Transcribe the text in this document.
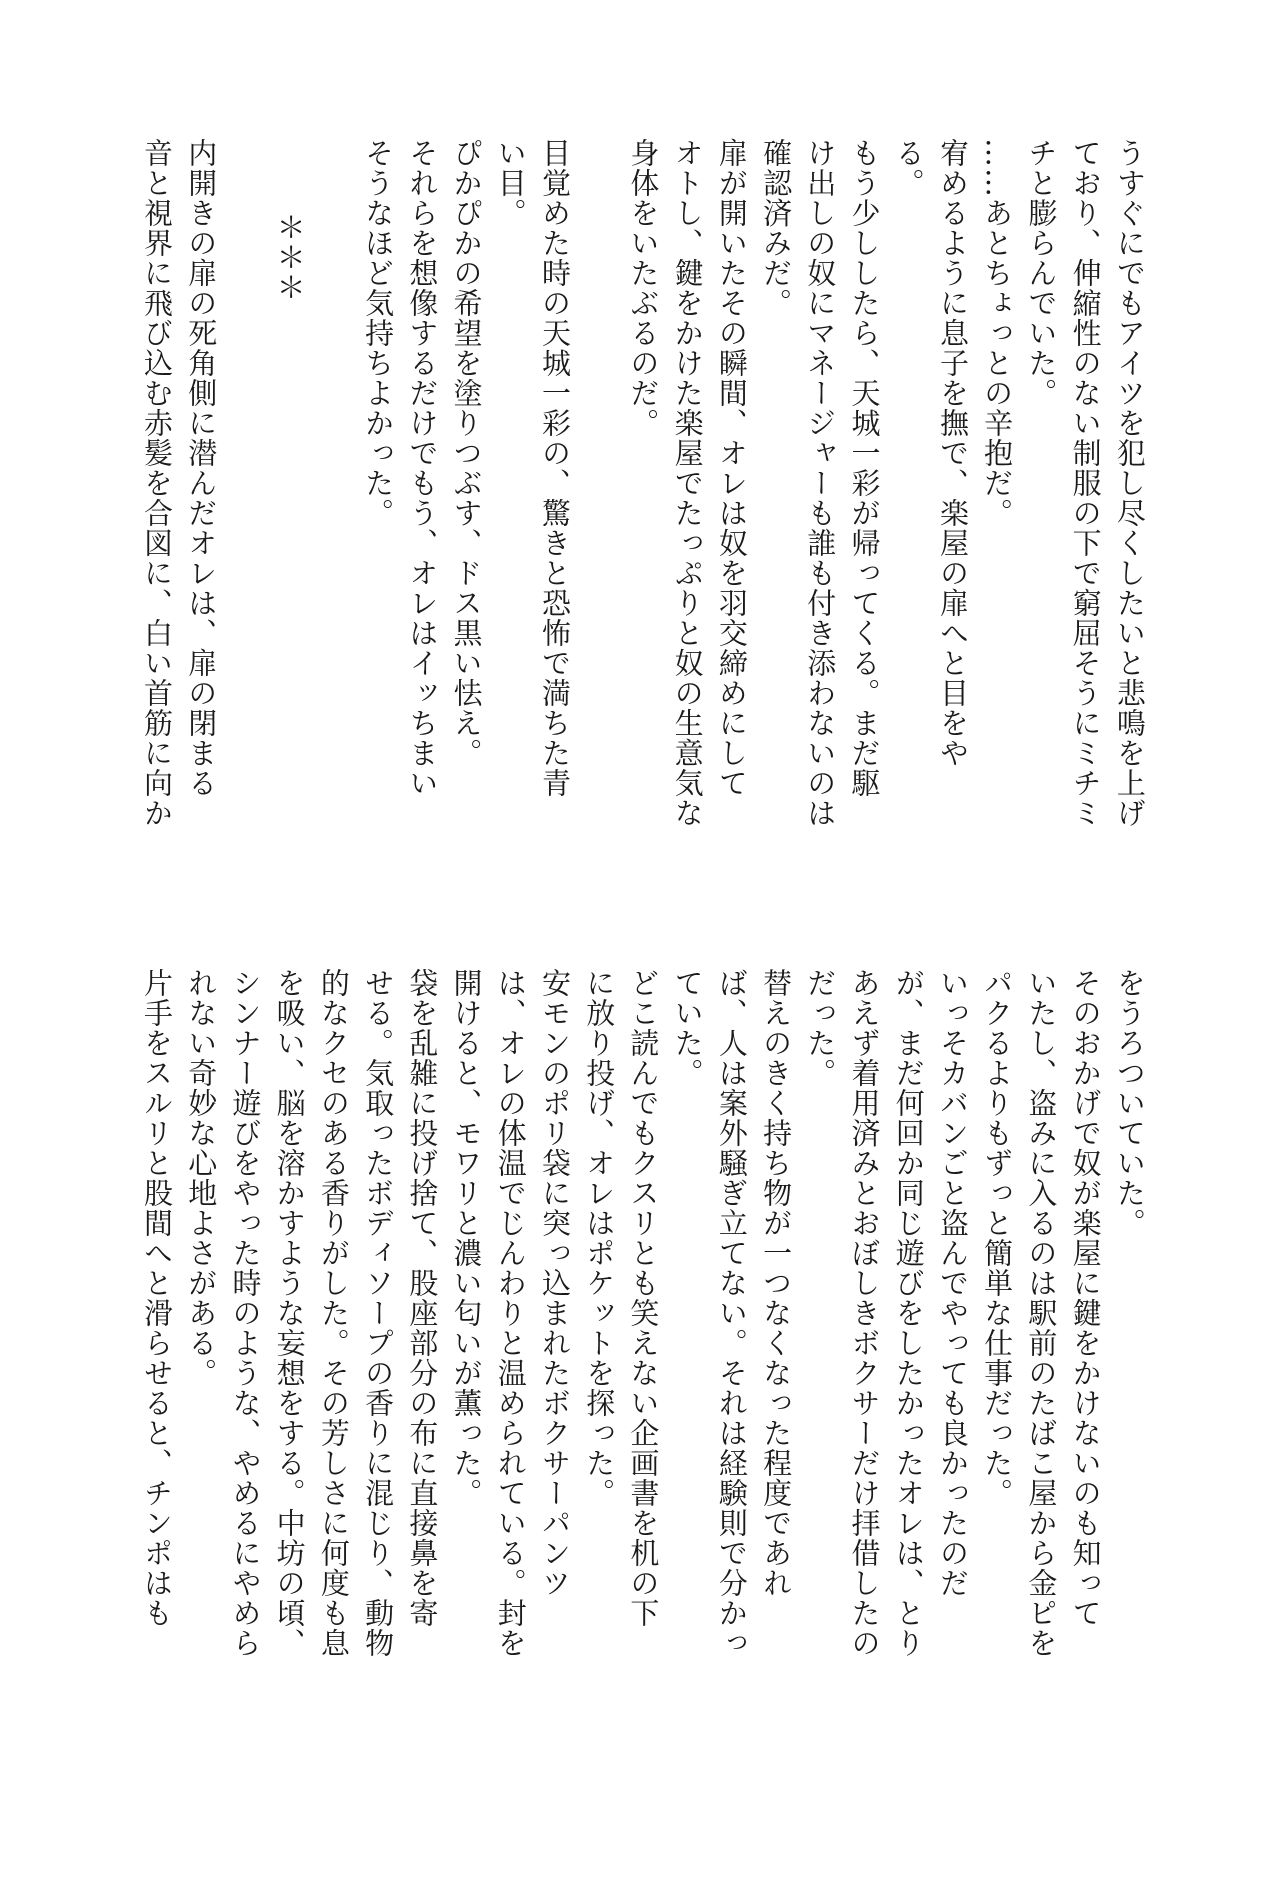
うすぐにでもアイツを犯し尽くしたいと悲鳴を上げ
ており、伸縮性のない制服の下で窮屈そうにミチミ
チと膨らんでいた。
……あとちょっとの辛抱だ。
宥めるように息子を撫で、楽屋の扉へと目をや
る。
もう少ししたら、天城一彩が帰ってくる。まだ駆
け出しの奴にマネージャーも誰も付き添わないのは
確認済みだ。
扉が開いたその瞬間、オレは奴を羽交締めにして
オトし、鍵をかけた楽屋でたっぷりと奴の生意気な
身体をいたぶるのだ。
目覚めた時の天城一彩の、驚きと恐怖で満ちた青
い目。
ぴかぴかの希望を塗りつぶす、ドス黒い怯え。
それらを想像するだけでもう、オレはイッちまい
そうなほど気持ちよかった。
＊＊＊
内開きの扉の死角側に潜んだオレは、扉の閉まる
音と視界に飛び込む赤髪を合図に、白い首筋に向か
をうろついていた。
そのおかげで奴が楽屋に鍵をかけないのも知って
いたし、盗みに入るのは駅前のたばこ屋から金ピを
パクるよりもずっと簡単な仕事だった。
いっそカバンごと盗んでやっても良かったのだ
が、まだ何回か同じ遊びをしたかったオレは、とり
あえず着用済みとおぼしきボクサーだけ拝借したの
だった。
替えのきく持ち物が一つなくなった程度であれ
ば、人は案外騒ぎ立てない。それは経験則で分かっ
ていた。
どこ読んでもクスリとも笑えない企画書を机の下
に放り投げ、オレはポケットを探った。
安モンのポリ袋に突っ込まれたボクサーパンツ
は、オレの体温でじんわりと温められている。封を
開けると、モワリと濃い匂いが薫った。
袋を乱雑に投げ捨て、股座部分の布に直接鼻を寄
せる。気取ったボディソープの香りに混じり、動物
的なクセのある香りがした。その芳しさに何度も息
を吸い、脳を溶かすような妄想をする。中坊の頃、
シンナー遊びをやった時のような、やめるにやめら
れない奇妙な心地よさがある。
片手をスルリと股間へと滑らせると、チンポはも
